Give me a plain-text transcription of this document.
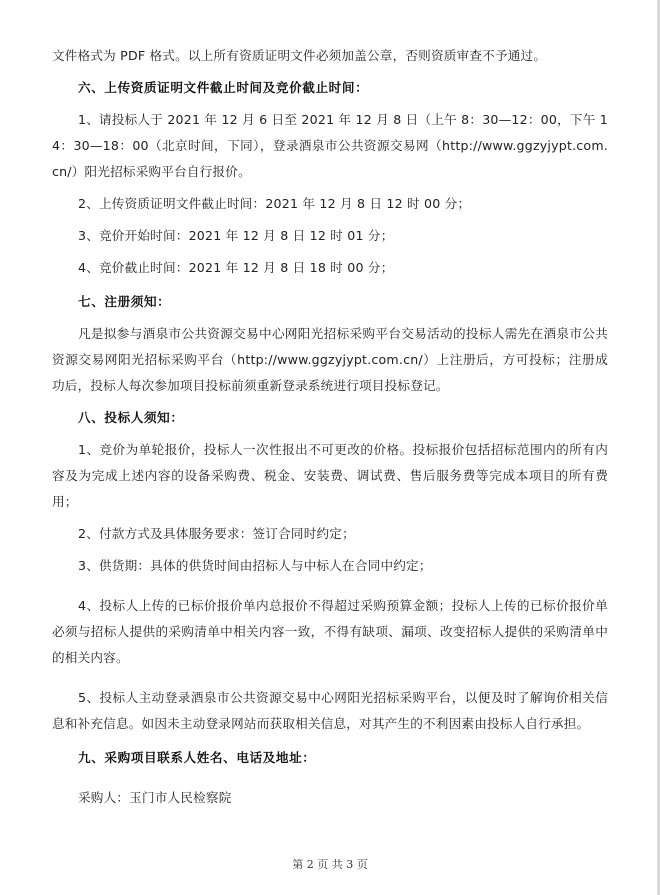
文件格式为 PDF 格式。以上所有资质证明文件必须加盖公章，否则资质审查不予通过。

六、上传资质证明文件截止时间及竞价截止时间：

1、请投标人于 2021 年 12 月 6 日至 2021 年 12 月 8 日（上午 8：30—12：00，下午 14：30—18：00（北京时间，下同），登录酒泉市公共资源交易网（http://www.ggzyjypt.com.cn/）阳光招标采购平台自行报价。

2、上传资质证明文件截止时间：2021 年 12 月 8 日 12 时 00 分；

3、竞价开始时间：2021 年 12 月 8 日 12 时 01 分；

4、竞价截止时间：2021 年 12 月 8 日 18 时 00 分；

七、注册须知：

凡是拟参与酒泉市公共资源交易中心网阳光招标采购平台交易活动的投标人需先在酒泉市公共资源交易网阳光招标采购平台（http://www.ggzyjypt.com.cn/）上注册后，方可投标；注册成功后，投标人每次参加项目投标前须重新登录系统进行项目投标登记。

八、投标人须知：

1、竞价为单轮报价，投标人一次性报出不可更改的价格。投标报价包括招标范围内的所有内容及为完成上述内容的设备采购费、税金、安装费、调试费、售后服务费等完成本项目的所有费用；

2、付款方式及具体服务要求：签订合同时约定；

3、供货期：具体的供货时间由招标人与中标人在合同中约定；

4、投标人上传的已标价报价单内总报价不得超过采购预算金额；投标人上传的已标价报价单必须与招标人提供的采购清单中相关内容一致，不得有缺项、漏项、改变招标人提供的采购清单中的相关内容。

5、投标人主动登录酒泉市公共资源交易中心网阳光招标采购平台，以便及时了解询价相关信息和补充信息。如因未主动登录网站而获取相关信息，对其产生的不利因素由投标人自行承担。

九、采购项目联系人姓名、电话及地址：

采购人：玉门市人民检察院

第 2 页 共 3 页
